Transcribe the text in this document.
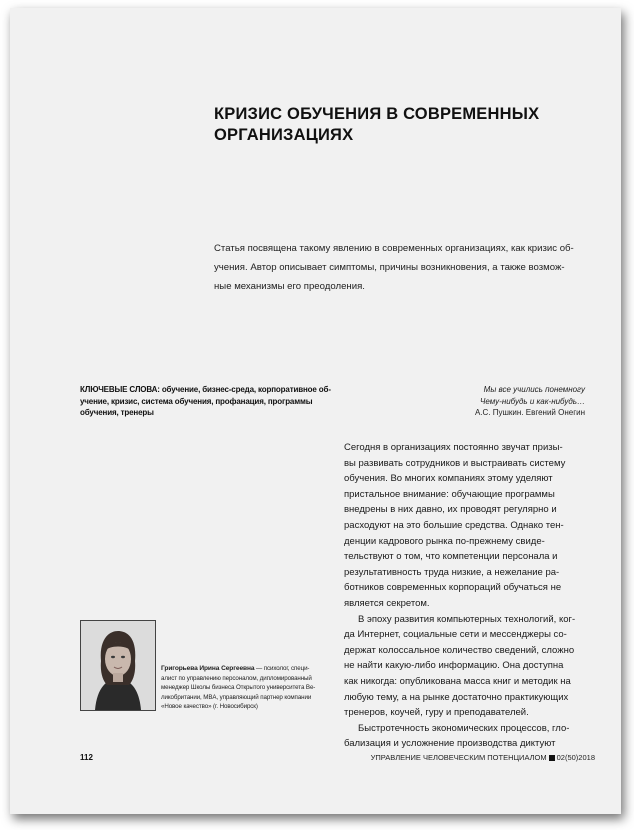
КРИЗИС ОБУЧЕНИЯ В СОВРЕМЕННЫХ
ОРГАНИЗАЦИЯХ
Статья посвящена такому явлению в современных организациях, как кризис об-
учения. Автор описывает симптомы, причины возникновения, а также возмож-
ные механизмы его преодоления.
КЛЮЧЕВЫЕ СЛОВА: обучение, бизнес-среда, корпоративное об-
учение, кризис, система обучения, профанация, программы
обучения, тренеры
Мы все учились понемногу
Чему-нибудь и как-нибудь…
А.С. Пушкин. Евгений Онегин
Сегодня в организациях постоянно звучат призы-
вы развивать сотрудников и выстраивать систему
обучения. Во многих компаниях этому уделяют
пристальное внимание: обучающие программы
внедрены в них давно, их проводят регулярно и
расходуют на это большие средства. Однако тен-
денции кадрового рынка по-прежнему свиде-
тельствуют о том, что компетенции персонала и
результативность труда низкие, а нежелание ра-
ботников современных корпораций обучаться не
является секретом.
В эпоху развития компьютерных технологий, ког-
да Интернет, социальные сети и мессенджеры со-
держат колоссальное количество сведений, сложно
не найти какую-либо информацию. Она доступна
как никогда: опубликована масса книг и методик на
любую тему, а на рынке достаточно практикующих
тренеров, коучей, гуру и преподавателей.
Быстротечность экономических процессов, гло-
бализация и усложнение производства диктуют
Григорьева Ирина Сергеевна — психолог, специ-
алист по управлению персоналом, дипломированный
менеджер Школы бизнеса Открытого университета Ве-
ликобритании, MBA, управляющий партнер компании
«Новое качество» (г. Новосибирск)
112	УПРАВЛЕНИЕ ЧЕЛОВЕЧЕСКИМ ПОТЕНЦИАЛОМ 02(50)2018
